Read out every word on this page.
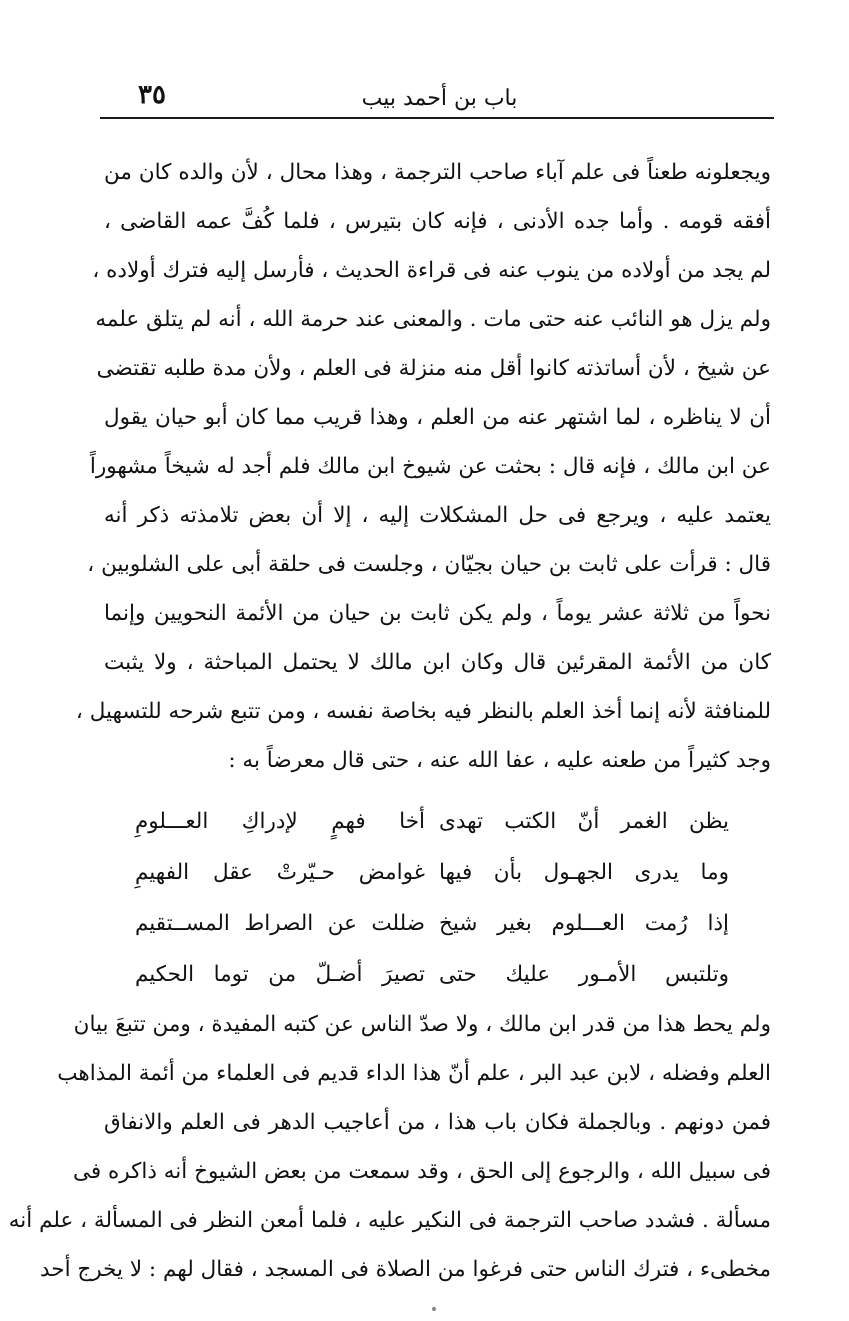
باب بن أحمد بيب
٣٥
ويجعلونه طعناً فى علم آباء صاحب الترجمة ، وهذا محال ، لأن والده كان من
أفقه قومه . وأما جده الأدنى ، فإنه كان بتيرس ، فلما كُفَّ عمه القاضى ،
لم يجد من أولاده من ينوب عنه فى قراءة الحديث ، فأرسل إليه فترك أولاده ،
ولم يزل هو النائب عنه حتى مات . والمعنى عند حرمة الله ، أنه لم يتلق علمه
عن شيخ ، لأن أساتذته كانوا أقل منه منزلة فى العلم ، ولأن مدة طلبه تقتضى
أن لا يناظره ، لما اشتهر عنه من العلم ، وهذا قريب مما كان أبو حيان يقول
عن ابن مالك ، فإنه قال : بحثت عن شيوخ ابن مالك فلم أجد له شيخاً مشهوراً
يعتمد عليه ، ويرجع فى حل المشكلات إليه ، إلا أن بعض تلامذته ذكر أنه
قال : قرأت على ثابت بن حيان بجيّان ، وجلست فى حلقة أبى على الشلوبين ،
نحواً من ثلاثة عشر يوماً ، ولم يكن ثابت بن حيان من الأئمة النحويين وإنما
كان من الأئمة المقرئين قال وكان ابن مالك لا يحتمل المباحثة ، ولا يثبت
للمنافثة لأنه إنما أخذ العلم بالنظر فيه بخاصة نفسه ، ومن تتبع شرحه للتسهيل ،
وجد كثيراً من طعنه عليه ، عفا الله عنه ، حتى قال معرضاً به :
يظن الغمر أنّ الكتب تهدى
أخا فهمٍ لإدراكِ العـــلومِ
وما يدرى الجهـول بأن فيها
غوامض حـيّرتْ عقل الفهيمِ
إذا رُمت العـــلوم بغير شيخ
ضللت عن الصراط المســتقيم
وتلتبس الأمـور عليك حتى
تصيرَ أضـلّ من توما الحكيم
ولم يحط هذا من قدر ابن مالك ، ولا صدّ الناس عن كتبه المفيدة ، ومن تتبعَ بيان
العلم وفضله ، لابن عبد البر ، علم أنّ هذا الداء قديم فى العلماء من أئمة المذاهب
فمن دونهم . وبالجملة فكان باب هذا ، من أعاجيب الدهر فى العلم والانفاق
فى سبيل الله ، والرجوع إلى الحق ، وقد سمعت من بعض الشيوخ أنه ذاكره فى
مسألة . فشدد صاحب الترجمة فى النكير عليه ، فلما أمعن النظر فى المسألة ، علم أنه
مخطىء ، فترك الناس حتى فرغوا من الصلاة فى المسجد ، فقال لهم : لا يخرج أحد
